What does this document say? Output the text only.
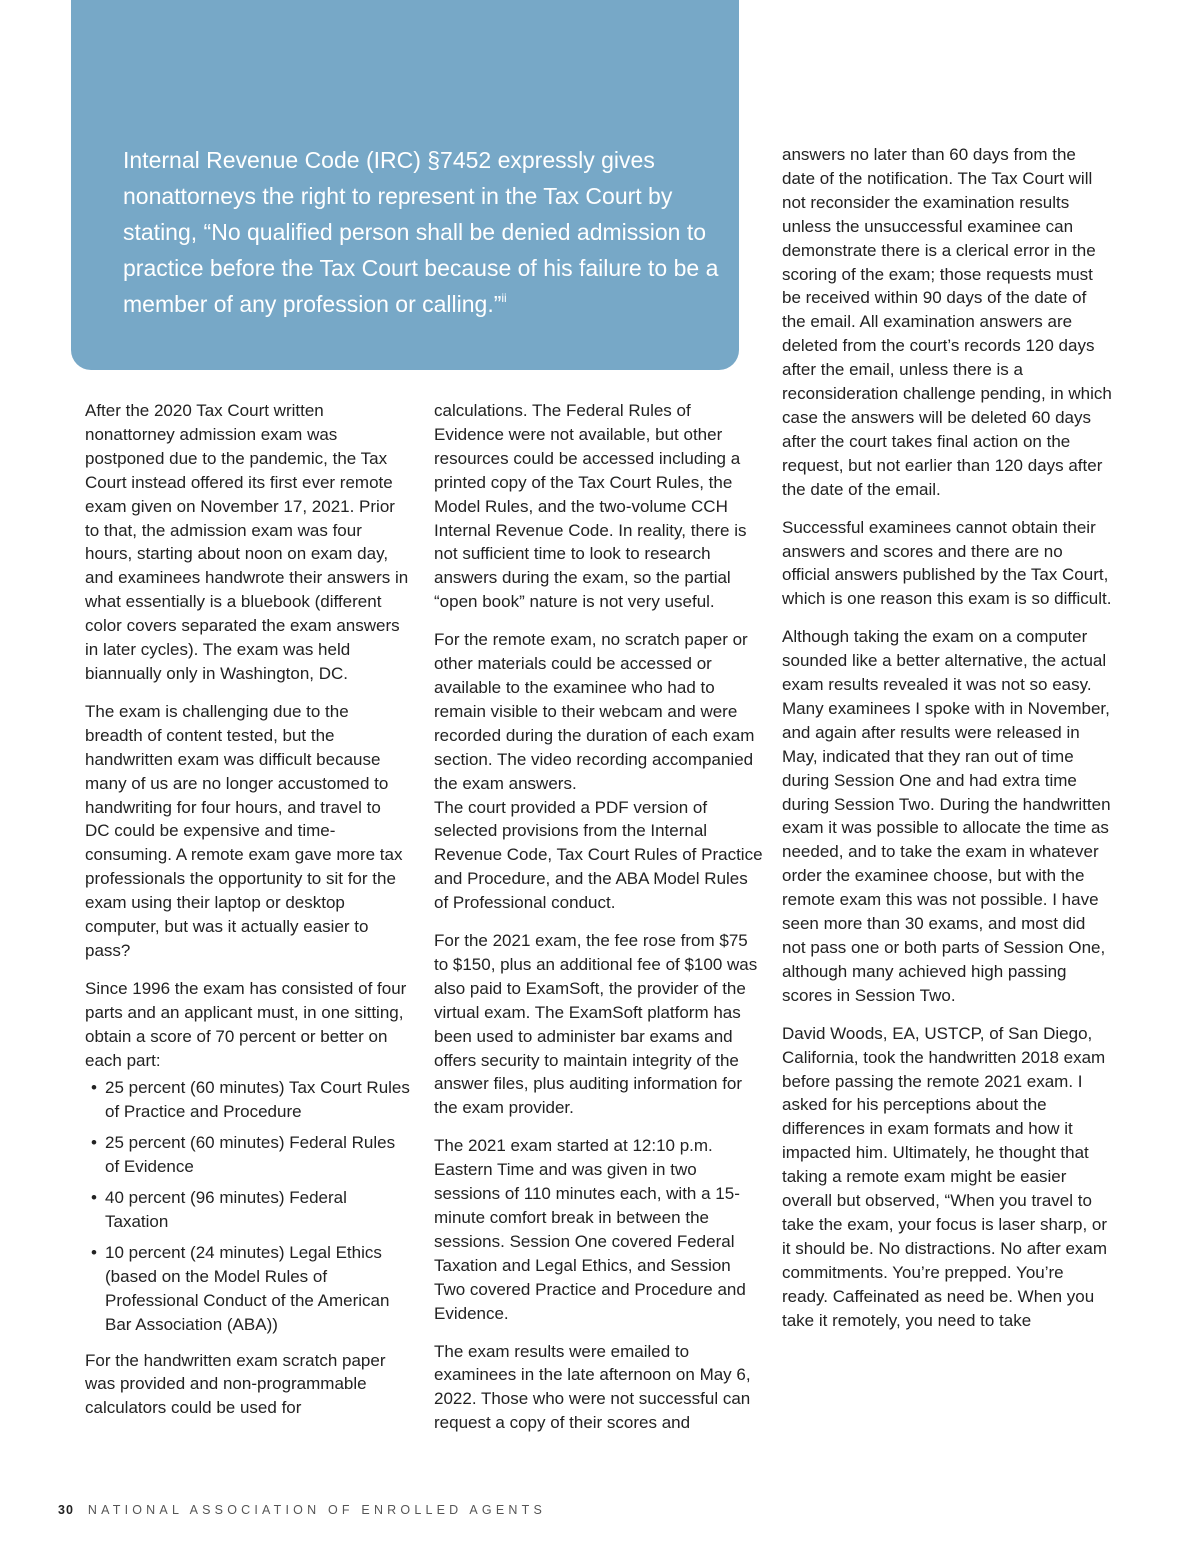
Internal Revenue Code (IRC) §7452 expressly gives nonattorneys the right to represent in the Tax Court by stating, “No qualified person shall be denied admission to practice before the Tax Court because of his failure to be a member of any profession or calling.”$^{ii}$

After the 2020 Tax Court written nonattorney admission exam was postponed due to the pandemic, the Tax Court instead offered its first ever remote exam given on November 17, 2021. Prior to that, the admission exam was four hours, starting about noon on exam day, and examinees handwrote their answers in what essentially is a bluebook (different color covers separated the exam answers in later cycles). The exam was held biannually only in Washington, DC.

The exam is challenging due to the breadth of content tested, but the handwritten exam was difficult because many of us are no longer accustomed to handwriting for four hours, and travel to DC could be expensive and time-consuming. A remote exam gave more tax professionals the opportunity to sit for the exam using their laptop or desktop computer, but was it actually easier to pass?

Since 1996 the exam has consisted of four parts and an applicant must, in one sitting, obtain a score of 70 percent or better on each part:

• 25 percent (60 minutes) Tax Court Rules of Practice and Procedure
• 25 percent (60 minutes) Federal Rules of Evidence
• 40 percent (96 minutes) Federal Taxation
• 10 percent (24 minutes) Legal Ethics (based on the Model Rules of Professional Conduct of the American Bar Association (ABA))

For the handwritten exam scratch paper was provided and non-programmable calculators could be used for

calculations. The Federal Rules of Evidence were not available, but other resources could be accessed including a printed copy of the Tax Court Rules, the Model Rules, and the two-volume CCH Internal Revenue Code. In reality, there is not sufficient time to look to research answers during the exam, so the partial “open book” nature is not very useful.

For the remote exam, no scratch paper or other materials could be accessed or available to the examinee who had to remain visible to their webcam and were recorded during the duration of each exam section. The video recording accompanied the exam answers.
The court provided a PDF version of selected provisions from the Internal Revenue Code, Tax Court Rules of Practice and Procedure, and the ABA Model Rules of Professional conduct.

For the 2021 exam, the fee rose from $75 to $150, plus an additional fee of $100 was also paid to ExamSoft, the provider of the virtual exam. The ExamSoft platform has been used to administer bar exams and offers security to maintain integrity of the answer files, plus auditing information for the exam provider.

The 2021 exam started at 12:10 p.m. Eastern Time and was given in two sessions of 110 minutes each, with a 15-minute comfort break in between the sessions. Session One covered Federal Taxation and Legal Ethics, and Session Two covered Practice and Procedure and Evidence.

The exam results were emailed to examinees in the late afternoon on May 6, 2022. Those who were not successful can request a copy of their scores and

answers no later than 60 days from the date of the notification. The Tax Court will not reconsider the examination results unless the unsuccessful examinee can demonstrate there is a clerical error in the scoring of the exam; those requests must be received within 90 days of the date of the email. All examination answers are deleted from the court’s records 120 days after the email, unless there is a reconsideration challenge pending, in which case the answers will be deleted 60 days after the court takes final action on the request, but not earlier than 120 days after the date of the email.

Successful examinees cannot obtain their answers and scores and there are no official answers published by the Tax Court, which is one reason this exam is so difficult.

Although taking the exam on a computer sounded like a better alternative, the actual exam results revealed it was not so easy. Many examinees I spoke with in November, and again after results were released in May, indicated that they ran out of time during Session One and had extra time during Session Two. During the handwritten exam it was possible to allocate the time as needed, and to take the exam in whatever order the examinee choose, but with the remote exam this was not possible. I have seen more than 30 exams, and most did not pass one or both parts of Session One, although many achieved high passing scores in Session Two.

David Woods, EA, USTCP, of San Diego, California, took the handwritten 2018 exam before passing the remote 2021 exam. I asked for his perceptions about the differences in exam formats and how it impacted him. Ultimately, he thought that taking a remote exam might be easier overall but observed, “When you travel to take the exam, your focus is laser sharp, or it should be. No distractions. No after exam commitments. You’re prepped. You’re ready. Caffeinated as need be. When you take it remotely, you need to take

30 NATIONAL ASSOCIATION OF ENROLLED AGENTS
